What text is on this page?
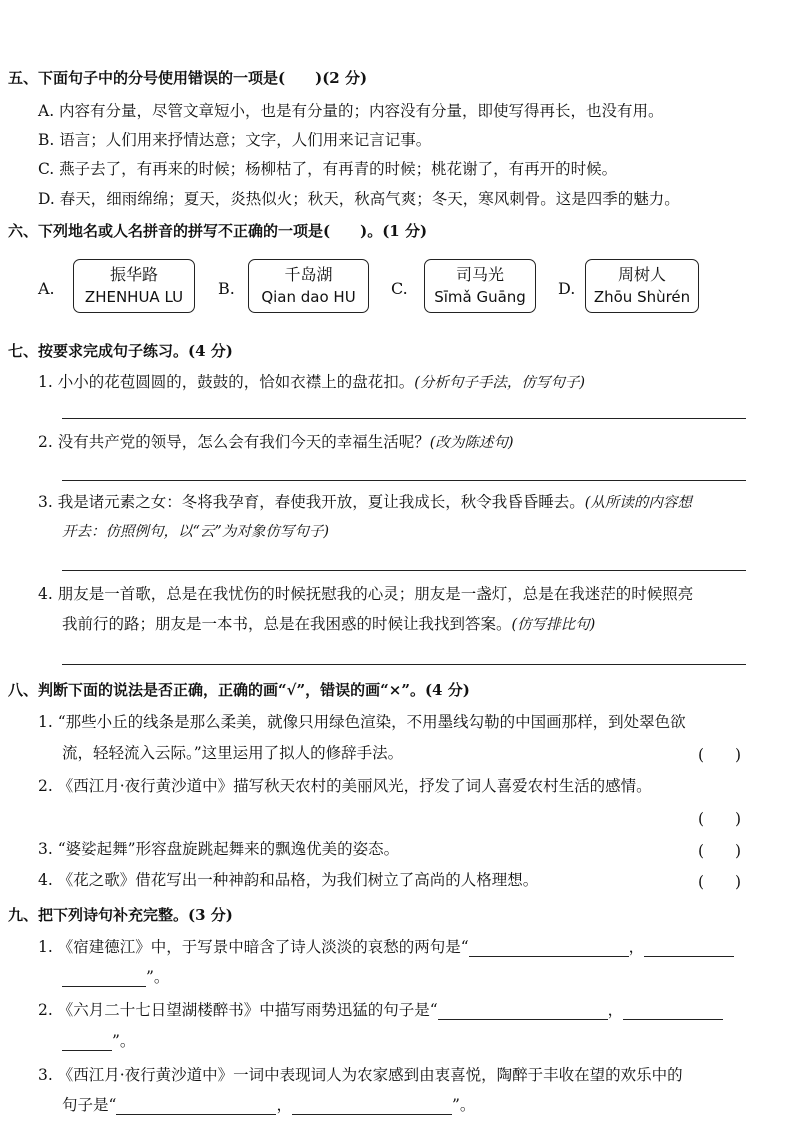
五、下面句子中的分号使用错误的一项是(　　)(2 分)
A. 内容有分量，尽管文章短小，也是有分量的；内容没有分量，即使写得再长，也没有用。
B. 语言；人们用来抒情达意；文字，人们用来记言记事。
C. 燕子去了，有再来的时候；杨柳枯了，有再青的时候；桃花谢了，有再开的时候。
D. 春天，细雨绵绵；夏天，炎热似火；秋天，秋高气爽；冬天，寒风刺骨。这是四季的魅力。
六、下列地名或人名拼音的拼写不正确的一项是(　　)。(1 分)
A.
振华路
ZHENHUA LU	B.
千岛湖
Qian dao HU	C.
司马光
Sīmǎ Guāng	D.
周树人
Zhōu Shùrén
七、按要求完成句子练习。(4 分)
1. 小小的花苞圆圆的，鼓鼓的，恰如衣襟上的盘花扣。(分析句子手法，仿写句子)
2. 没有共产党的领导，怎么会有我们今天的幸福生活呢？(改为陈述句)
3. 我是诸元素之女：冬将我孕育，春使我开放，夏让我成长，秋令我昏昏睡去。(从所读的内容想
开去：仿照例句，以“云”为对象仿写句子)
4. 朋友是一首歌，总是在我忧伤的时候抚慰我的心灵；朋友是一盏灯，总是在我迷茫的时候照亮
我前行的路；朋友是一本书，总是在我困惑的时候让我找到答案。(仿写排比句)
八、判断下面的说法是否正确，正确的画“√”，错误的画“×”。(4 分)
1. “那些小丘的线条是那么柔美，就像只用绿色渲染，不用墨线勾勒的中国画那样，到处翠色欲
流，轻轻流入云际。”这里运用了拟人的修辞手法。	(　　)
2. 《西江月·夜行黄沙道中》描写秋天农村的美丽风光，抒发了词人喜爱农村生活的感情。
(　　)
3. “婆娑起舞”形容盘旋跳起舞来的飘逸优美的姿态。	(　　)
4. 《花之歌》借花写出一种神韵和品格，为我们树立了高尚的人格理想。	(　　)
九、把下列诗句补充完整。(3 分)
1. 《宿建德江》中，于写景中暗含了诗人淡淡的哀愁的两句是“	，
”。
2. 《六月二十七日望湖楼醉书》中描写雨势迅猛的句子是“	，
”。
3. 《西江月·夜行黄沙道中》一词中表现词人为农家感到由衷喜悦，陶醉于丰收在望的欢乐中的
句子是“	，	”。
